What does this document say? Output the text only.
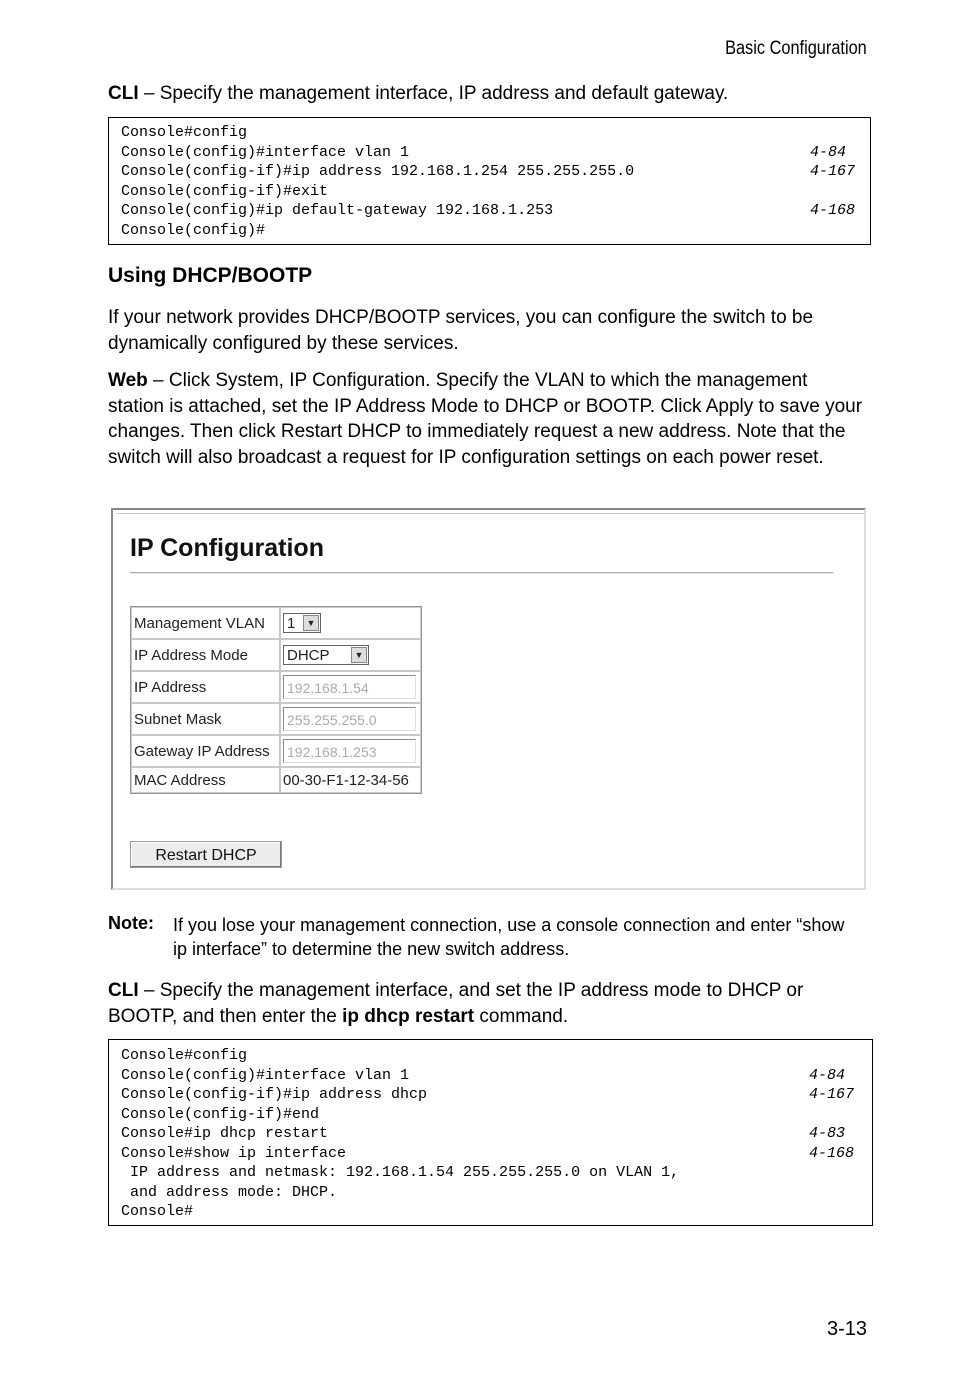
Basic Configuration
CLI – Specify the management interface, IP address and default gateway.
Console#config
Console(config)#interface vlan 1	4-84
Console(config-if)#ip address 192.168.1.254 255.255.255.0	4-167
Console(config-if)#exit
Console(config)#ip default-gateway 192.168.1.253	4-168
Console(config)#
Using DHCP/BOOTP
If your network provides DHCP/BOOTP services, you can configure the switch to be dynamically configured by these services.
Web – Click System, IP Configuration. Specify the VLAN to which the management station is attached, set the IP Address Mode to DHCP or BOOTP. Click Apply to save your changes. Then click Restart DHCP to immediately request a new address. Note that the switch will also broadcast a request for IP configuration settings on each power reset.
IP Configuration
Management VLAN	1 ▼

IP Address Mode	DHCP ▼

IP Address	192.168.1.54
Subnet Mask	255.255.255.0
Gateway IP Address	192.168.1.253
MAC Address	00-30-F1-12-34-56
Restart DHCP
Note: If you lose your management connection, use a console connection and enter “show ip interface” to determine the new switch address.
CLI – Specify the management interface, and set the IP address mode to DHCP or BOOTP, and then enter the ip dhcp restart command.
Console#config
Console(config)#interface vlan 1	4-84
Console(config-if)#ip address dhcp	4-167
Console(config-if)#end
Console#ip dhcp restart	4-83
Console#show ip interface	4-168
IP address and netmask: 192.168.1.54 255.255.255.0 on VLAN 1,
and address mode: DHCP.
Console#
3-13
